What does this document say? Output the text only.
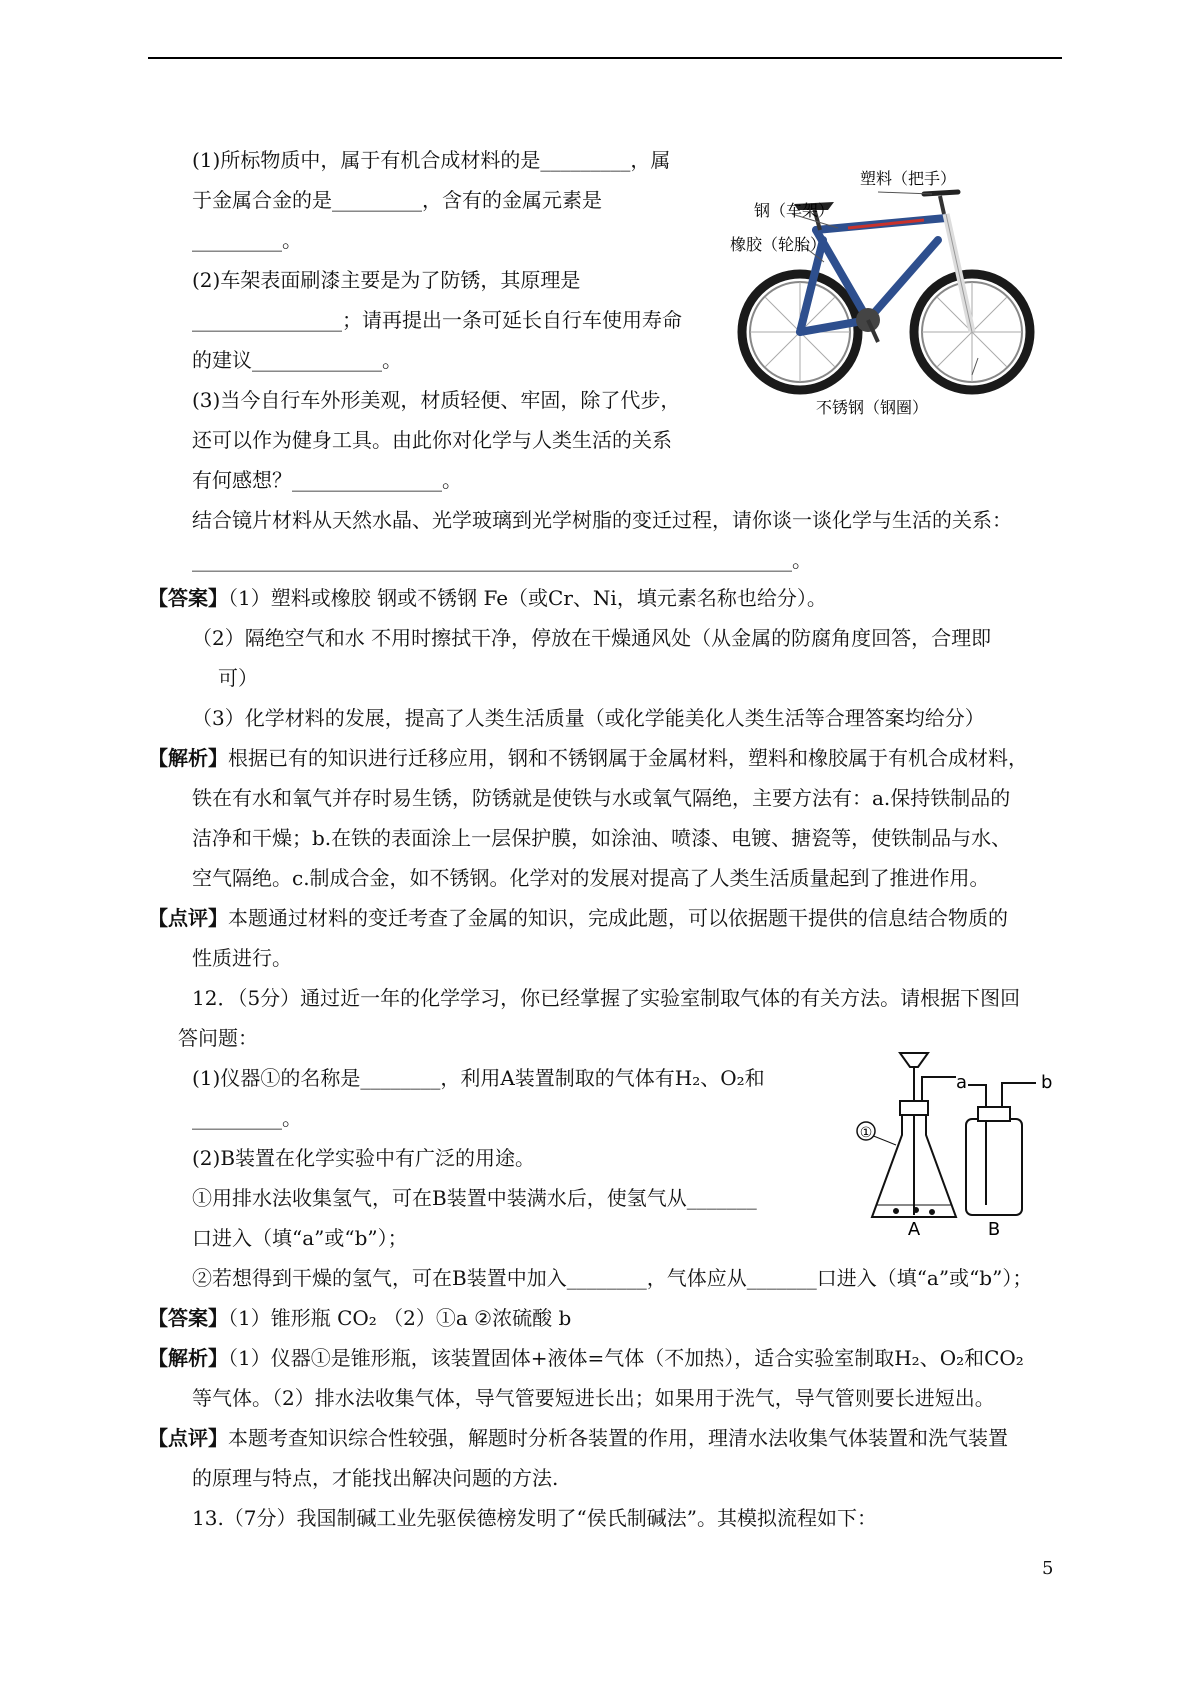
(1)所标物质中，属于有机合成材料的是_________，属
于金属合金的是_________，含有的金属元素是
_________。
(2)车架表面刷漆主要是为了防锈，其原理是
_______________；请再提出一条可延长自行车使用寿命
的建议_____________。
(3)当今自行车外形美观，材质轻便、牢固，除了代步，
还可以作为健身工具。由此你对化学与人类生活的关系
有何感想？_______________。
结合镜片材料从天然水晶、光学玻璃到光学树脂的变迁过程，请你谈一谈化学与生活的关系：
____________________________________________________________。
塑料（把手）
钢（车架）
橡胶（轮胎）
不锈钢（钢圈）
【答案】（1）塑料或橡胶 钢或不锈钢 Fe（或Cr、Ni，填元素名称也给分）。
（2）隔绝空气和水 不用时擦拭干净，停放在干燥通风处（从金属的防腐角度回答，合理即
可）
（3）化学材料的发展，提高了人类生活质量（或化学能美化人类生活等合理答案均给分）
【解析】根据已有的知识进行迁移应用，钢和不锈钢属于金属材料，塑料和橡胶属于有机合成材料，
铁在有水和氧气并存时易生锈，防锈就是使铁与水或氧气隔绝，主要方法有：a.保持铁制品的
洁净和干燥；b.在铁的表面涂上一层保护膜，如涂油、喷漆、电镀、搪瓷等，使铁制品与水、
空气隔绝。c.制成合金，如不锈钢。化学对的发展对提高了人类生活质量起到了推进作用。
【点评】本题通过材料的变迁考查了金属的知识，完成此题，可以依据题干提供的信息结合物质的
性质进行。
12．（5分）通过近一年的化学学习，你已经掌握了实验室制取气体的有关方法。请根据下图回
答问题：
(1)仪器①的名称是________，利用A装置制取的气体有H₂、O₂和
_________。
(2)B装置在化学实验中有广泛的用途。
①用排水法收集氢气，可在B装置中装满水后，使氢气从_______
口进入（填“a”或“b”）；
②若想得到干燥的氢气，可在B装置中加入________，气体应从_______口进入（填“a”或“b”）；
①
a	b
A	B
【答案】（1）锥形瓶 CO₂ （2）①a ②浓硫酸 b
【解析】（1）仪器①是锥形瓶，该装置固体+液体=气体（不加热），适合实验室制取H₂、O₂和CO₂
等气体。（2）排水法收集气体，导气管要短进长出；如果用于洗气，导气管则要长进短出。
【点评】本题考查知识综合性较强，解题时分析各装置的作用，理清水法收集气体装置和洗气装置
的原理与特点，才能找出解决问题的方法.
13.（7分）我国制碱工业先驱侯德榜发明了“侯氏制碱法”。其模拟流程如下：
5
